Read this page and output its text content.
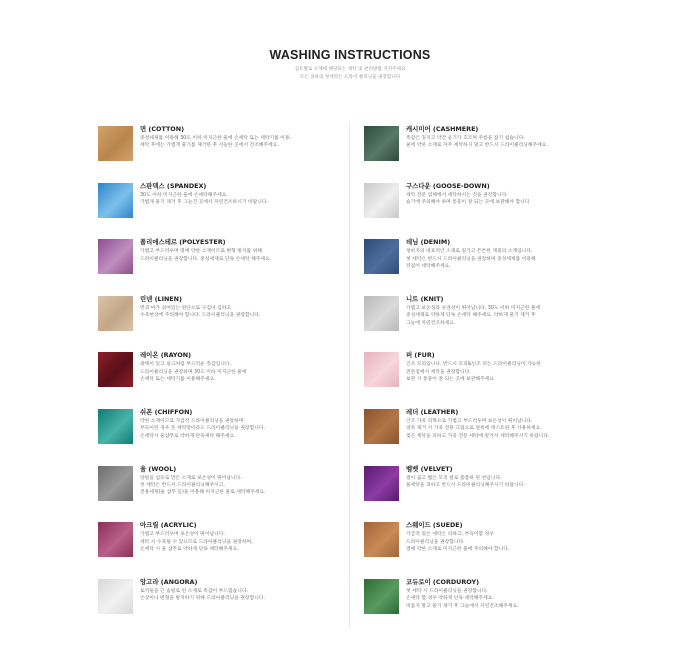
WASHING INSTRUCTIONS
섬유별로 소재에 해당되는 세탁 및 관리방법 지켜주세요
모든 의류의 첫세탁은 드라이 클리닝을 권장합니다
면 (COTTON)
중성세제를 이용해 30도 이하 미지근한 물에 손세탁 또는 세탁기를 이용.
세탁 후에는 가볍게 물기를 제거한 후 서늘한 곳에서 건조해주세요.
스판덱스 (SPANDEX)
30도 이하 미지근한 물에 손세탁해주세요.
가볍게 물기 제거 후 그늘진 곳에서 자연건조하시기 바랍니다.
폴리에스테르 (POLYESTER)
가볍고 부드러우며 열에 약한 소재이므로 변형 방지를 위해
드라이클리닝을 권장합니다. 중성세제로 단독 손세탁 해주세요.
린넨 (LINEN)
면과 마가 섞여있는 원단으로 구김이 심하고
수축현상에 주의해야 합니다. 드라이클리닝을 권장합니다.
레이온 (RAYON)
광택이 있고 실크처럼 부드러운 촉감입니다.
드라이클리닝을 권장하며 30도 이하 미지근한 물에
손세탁 또는 세탁기를 이용해주세요.
쉬폰 (CHIFFON)
약한 소재이므로 가급적 드라이클리닝을 권장하며
부득이한 경우 옷 세탁망이라도 드라이클리닝을 권장합니다.
손세탁시 울샴푸로 약하게 단독세탁 해주세요.
울 (WOOL)
양털을 섬유로 만든 소재로 보온성이 뛰어납니다.
첫 세탁은 반드시 드라이클리닝해주시고,
전용세제(울 샴푸 등)을 이용해 미지근한 물로 세탁해주세요.
아크릴 (ACRYLIC)
가볍고 부드러우며 보온성이 뛰어납니다.
세탁 시 수축될 수 있으므로 드라이클리닝을 권장하며,
손세탁 시 울 샴푸로 약하게 단독 세탁해주세요.
앙고라 (ANGORA)
토끼털을 긴 솜털로 된 소재로 촉감이 부드럽습니다.
손상이나 변형을 방지하기 위해 드라이클리닝을 권장합니다.
캐시미어 (CASHMERE)
촉감은 짙지고 약간 윤기가 흐르며 주름을 잡기 쉽습니다.
물에 약한 소재로 자주 세탁하지 말고 반드시 드라이클리닝해주세요.
구스다운 (GOOSE-DOWN)
세탁 전문 업체에서 세탁하시는 것을 권장합니다.
습기에 주의해야 하며 통풍이 잘 되는 곳에 보관해야 합니다
데님 (DENIM)
청바지의 대표적인 소재로 질기고 튼튼한 재질의 소재입니다.
첫 세탁은 반드시 드라이클리닝을 권장하며 중성세제를 이용해
뒤집어 세탁해주세요.
니트 (KNIT)
가볍고 보온성과 유연성이 뛰어납니다. 30도 이하 미지근한 물에
중성세제로 약하게 단독 손세탁 해주세요. 약하게 물기 제거 후
그늘에 자연건조하세요.
퍼 (FUR)
인조 모피입니다. 반드시 모피&인조 퍼는 드라이클리닝이 가능한
전문점에서 세탁을 권장합니다.
보관 시 통풍이 잘 되는 곳에 보관해주세요
레더 (LEATHER)
인조 가죽 피혁으로 가볍고 부드러우며 보온성이 뛰어납니다.
얼룩 제거 시 가죽 전용 크림으로 얼룩에 테스트한 후 사용하세요.
젖은 세탁을 피하고 가죽 전문 세탁에 맡겨서 세탁해주시기 바랍니다.
벨벳 (VELVET)
결이 곱고 짧은 모직 털로 촘촘하 된 천입니다.
물세탁을 피하고 반드시 드라이클리닝해주시기 바랍니다.
스웨이드 (SUEDE)
가급적 젖은 세탁은 피하고, 부득이할 경우
드라이클리닝을 권장합니다.
열에 약한 소재로 미지근한 물에 주의해야 합니다.
코듀로이 (CORDUROY)
첫 세탁 시 드라이클리닝을 권장합니다.
손세탁 할 경우 약하게 단독 세탁해주세요.
비틀지 말고 물기 제거 후 그늘에서 자연건조해주세요.
